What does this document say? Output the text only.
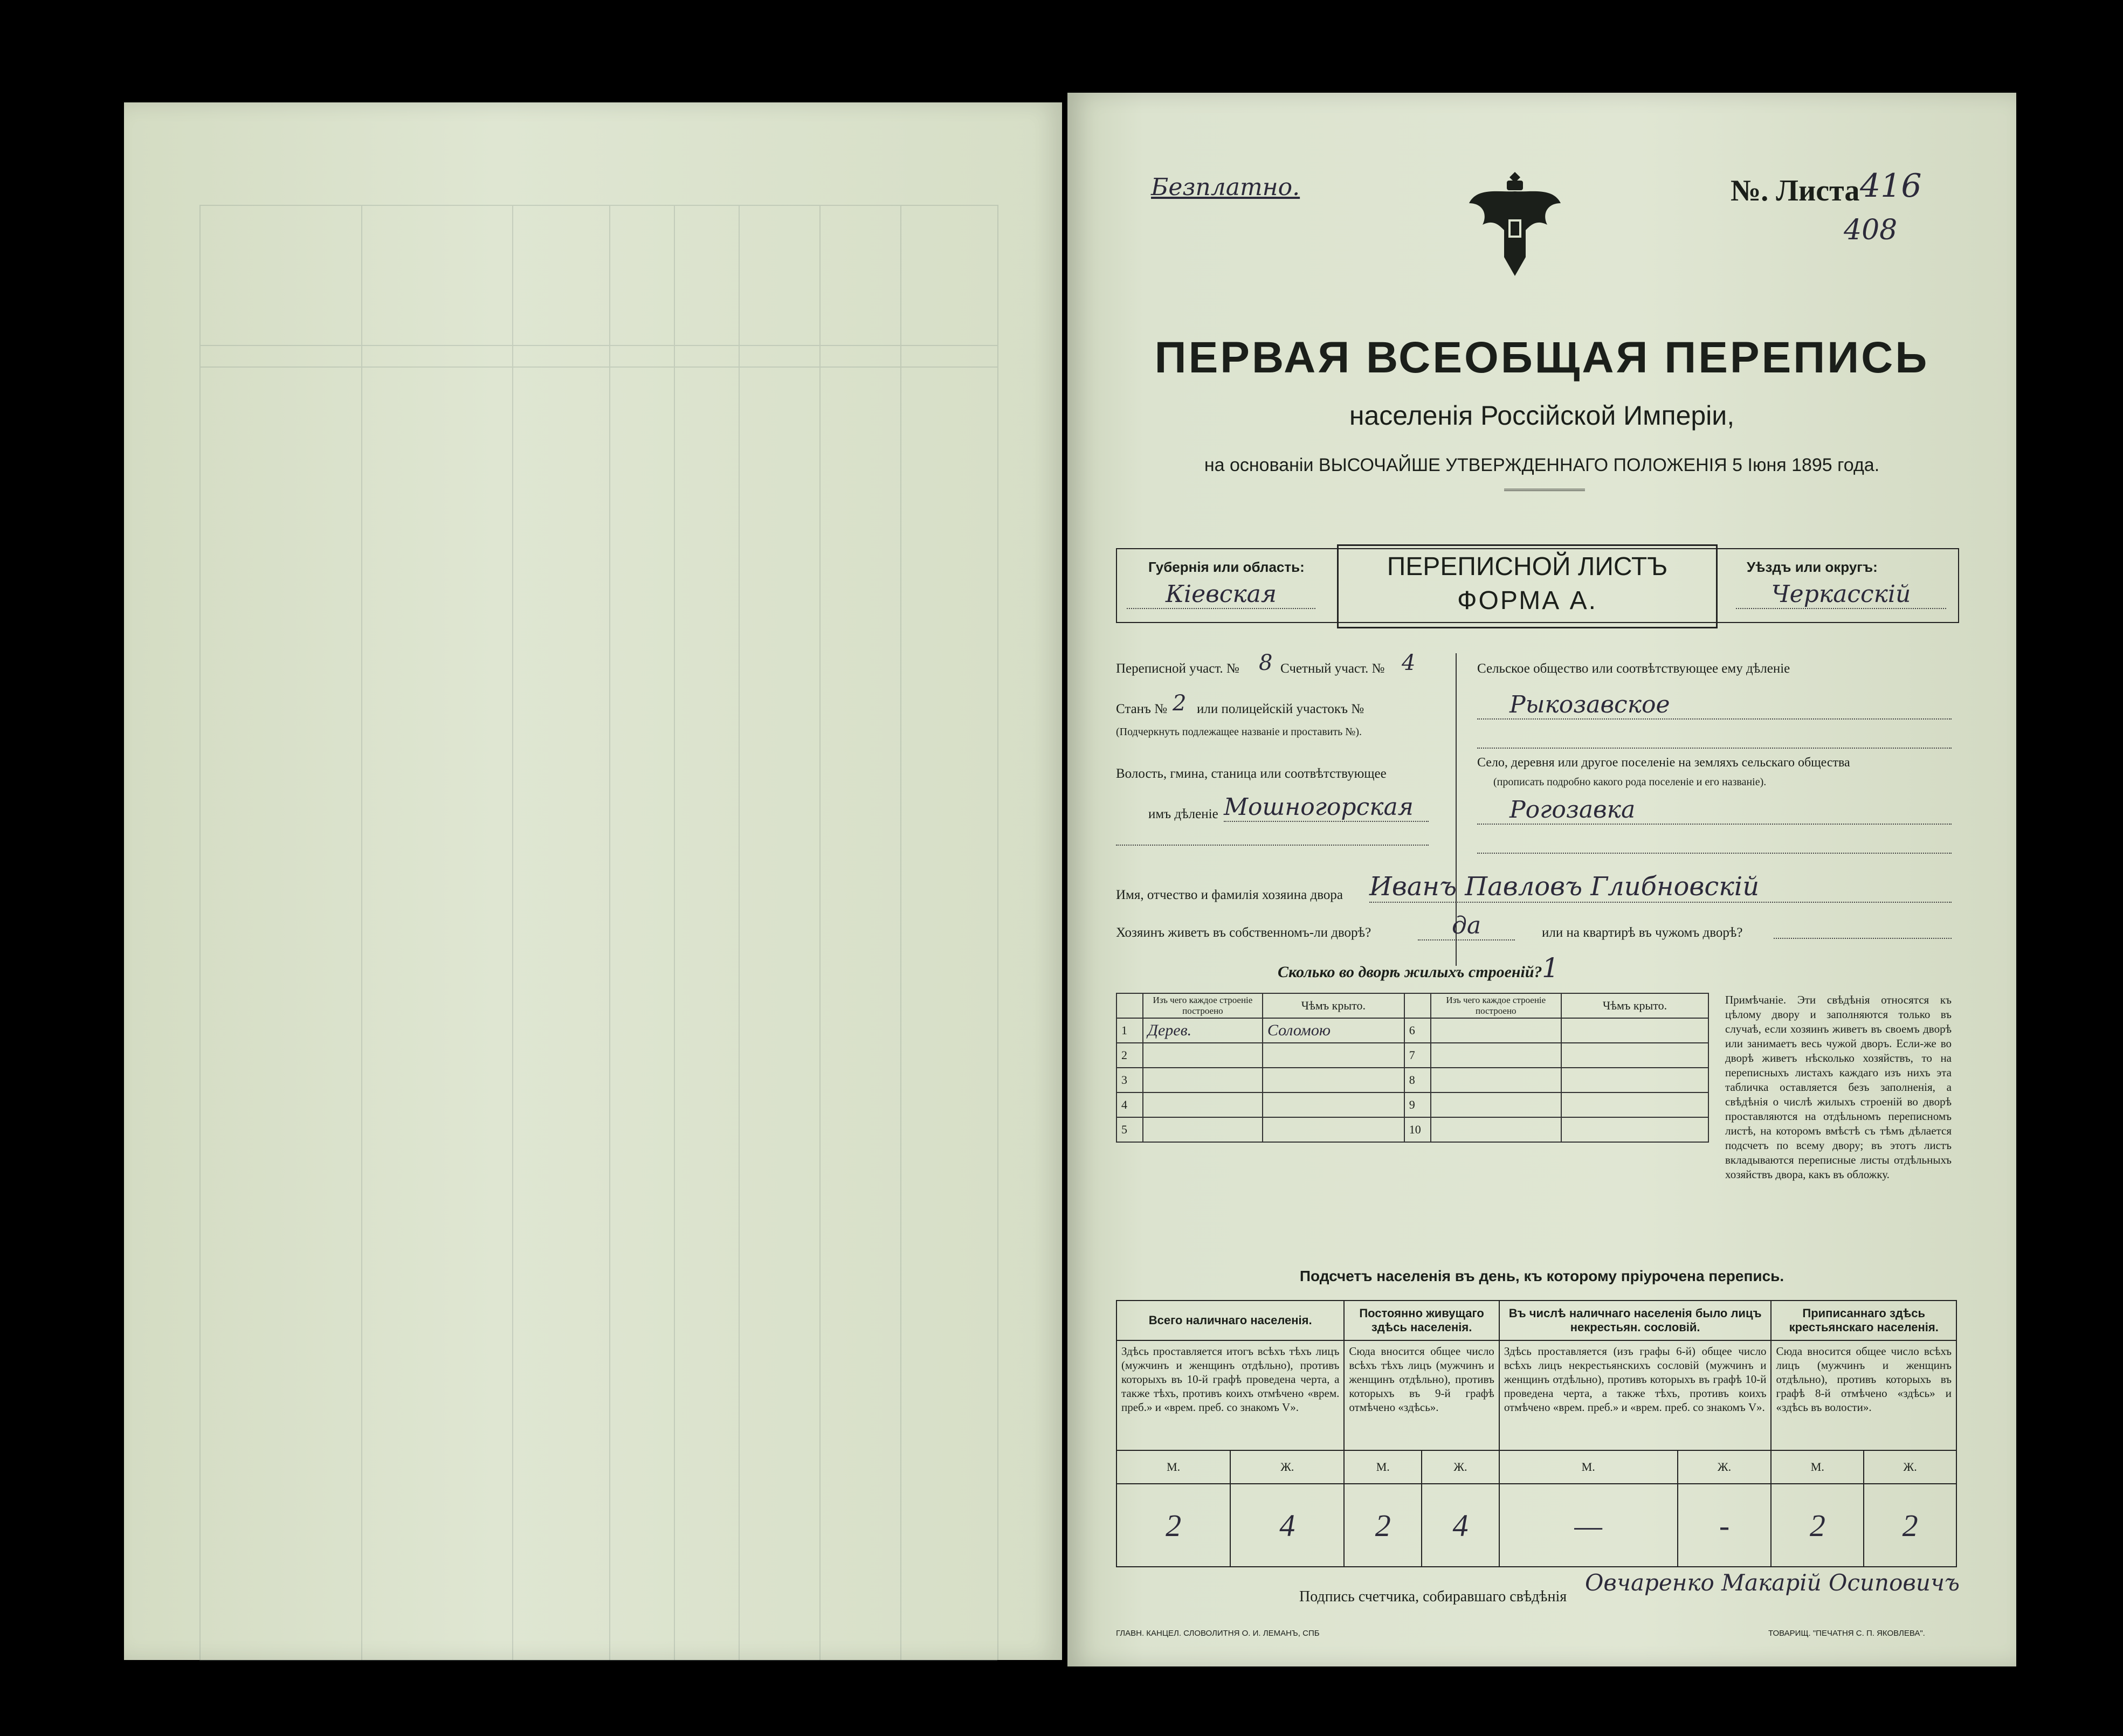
Безплатно.	№. Листа 416
408
ПЕРВАЯ ВСЕОБЩАЯ ПЕРЕПИСЬ
населенія Россійской Имперіи,
на основаніи ВЫСОЧАЙШЕ УТВЕРЖДЕННАГО ПОЛОЖЕНІЯ 5 Іюня 1895 года.
Губернія или область:
Кіевская
ПЕРЕПИСНОЙ ЛИСТЪ
ФОРМА А.
Уѣздъ или округъ:
Черкасскій
Переписной участ. № 8 Счетный участ. № 4
Станъ № 2 или полицейскій участокъ №
(Подчеркнуть подлежащее названіе и проставить №).
Волость, гмина, станица или соотвѣтствующее
имъ дѣленіе Мошногорская
Сельское общество или соотвѣтствующее ему дѣленіе
Рыкозавское
Село, деревня или другое поселеніе на земляхъ сельскаго общества
(прописать подробно какого рода поселеніе и его названіе).
Рогозавка
Имя, отчество и фамилія хозяина двора Иванъ Павловъ Глибновскій
Хозяинъ живетъ въ собственномъ-ли дворѣ?	да	или на квартирѣ въ чужомъ дворѣ?
Сколько во дворѣ жилыхъ строеній? 1
	Изъ чего каждое строеніе построено	Чѣмъ крыто.		Изъ чего каждое строеніе построено	Чѣмъ крыто.
1	Дерев.	Соломою	6		
2			7		
3			8		
4			9		
5			10		
Примѣчаніе. Эти свѣдѣнія относятся къ цѣлому двору и заполняются только въ случаѣ, если хозяинъ живетъ въ своемъ дворѣ или занимаетъ весь чужой дворъ. Если-же во дворѣ живетъ нѣсколько хозяйствъ, то на переписныхъ листахъ каждаго изъ нихъ эта табличка оставляется безъ заполненія, а свѣдѣнія о числѣ жилыхъ строеній во дворѣ проставляются на отдѣльномъ переписномъ листѣ, на которомъ вмѣстѣ съ тѣмъ дѣлается подсчетъ по всему двору; въ этотъ листъ вкладываются переписные листы отдѣльныхъ хозяйствъ двора, какъ въ обложку.
Подсчетъ населенія въ день, къ которому пріурочена перепись.
Всего наличнаго населенія.		Постоянно живущаго здѣсь населенія.		Въ числѣ наличнаго населенія было лицъ некрестьян. сословій.		Приписаннаго здѣсь крестьянскаго населенія.	
Здѣсь проставляется итогъ всѣхъ тѣхъ лицъ (мужчинъ и женщинъ отдѣльно), противъ которыхъ въ 10-й графѣ проведена черта, а также тѣхъ, противъ коихъ отмѣчено «врем. преб.» и «врем. преб. со знакомъ V».		Сюда вносится общее число всѣхъ тѣхъ лицъ (мужчинъ и женщинъ отдѣльно), противъ которыхъ въ 9-й графѣ отмѣчено «здѣсь».		Здѣсь проставляется (изъ графы 6-й) общее число всѣхъ лицъ некрестьянскихъ сословій (мужчинъ и женщинъ отдѣльно), противъ которыхъ въ графѣ 10-й проведена черта, а также тѣхъ, противъ коихъ отмѣчено «врем. преб.» и «врем. преб. со знакомъ V».		Сюда вносится общее число всѣхъ лицъ (мужчинъ и женщинъ отдѣльно), противъ которыхъ въ графѣ 8-й отмѣчено «здѣсь» и «здѣсь въ волости».	
М.	Ж.	М.	Ж.	М.	Ж.	М.	Ж.
2	4	2	4	—	-	2	2
Подпись счетчика, собиравшаго свѣдѣнія
Овчаренко Макарій Осиповичъ
ГЛАВН. КАНЦЕЛ. СЛОВОЛИТНЯ О. И. ЛЕМАНЪ, СПБ	ТОВАРИЩ. "ПЕЧАТНЯ С. П. ЯКОВЛЕВА".
